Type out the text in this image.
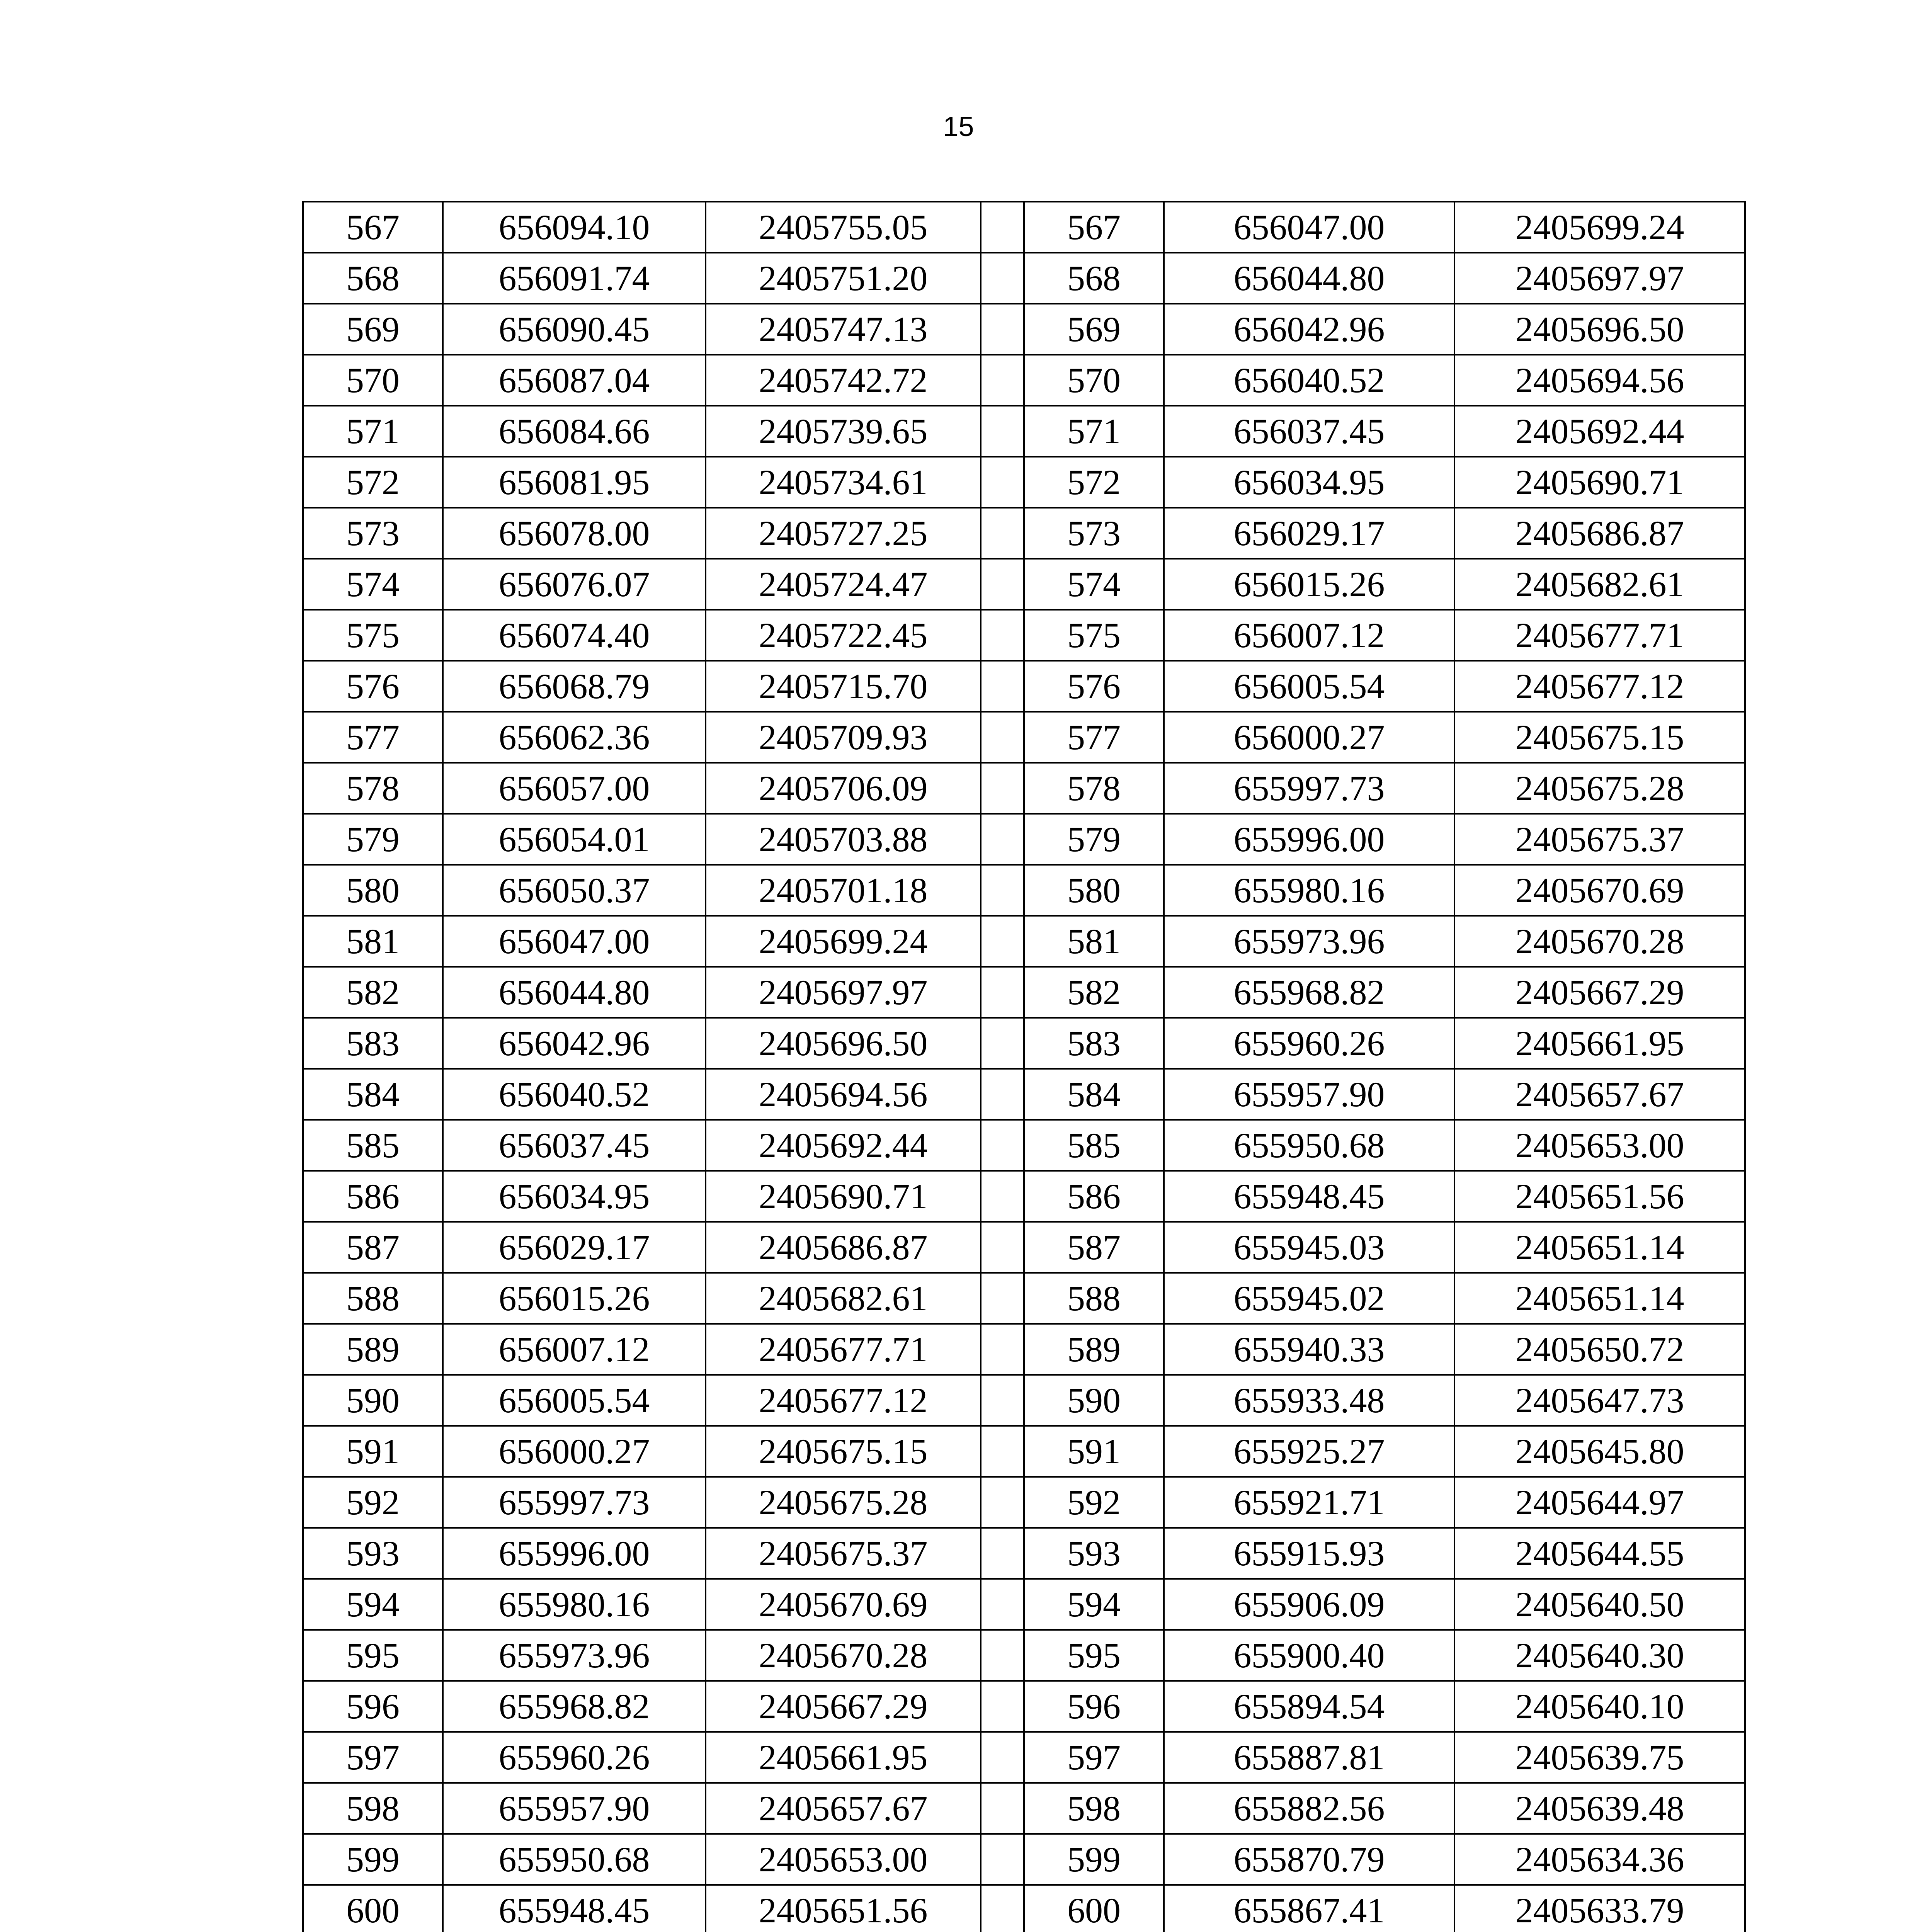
15
567	656094.10	2405755.05		567	656047.00	2405699.24
568	656091.74	2405751.20		568	656044.80	2405697.97
569	656090.45	2405747.13		569	656042.96	2405696.50
570	656087.04	2405742.72		570	656040.52	2405694.56
571	656084.66	2405739.65		571	656037.45	2405692.44
572	656081.95	2405734.61		572	656034.95	2405690.71
573	656078.00	2405727.25		573	656029.17	2405686.87
574	656076.07	2405724.47		574	656015.26	2405682.61
575	656074.40	2405722.45		575	656007.12	2405677.71
576	656068.79	2405715.70		576	656005.54	2405677.12
577	656062.36	2405709.93		577	656000.27	2405675.15
578	656057.00	2405706.09		578	655997.73	2405675.28
579	656054.01	2405703.88		579	655996.00	2405675.37
580	656050.37	2405701.18		580	655980.16	2405670.69
581	656047.00	2405699.24		581	655973.96	2405670.28
582	656044.80	2405697.97		582	655968.82	2405667.29
583	656042.96	2405696.50		583	655960.26	2405661.95
584	656040.52	2405694.56		584	655957.90	2405657.67
585	656037.45	2405692.44		585	655950.68	2405653.00
586	656034.95	2405690.71		586	655948.45	2405651.56
587	656029.17	2405686.87		587	655945.03	2405651.14
588	656015.26	2405682.61		588	655945.02	2405651.14
589	656007.12	2405677.71		589	655940.33	2405650.72
590	656005.54	2405677.12		590	655933.48	2405647.73
591	656000.27	2405675.15		591	655925.27	2405645.80
592	655997.73	2405675.28		592	655921.71	2405644.97
593	655996.00	2405675.37		593	655915.93	2405644.55
594	655980.16	2405670.69		594	655906.09	2405640.50
595	655973.96	2405670.28		595	655900.40	2405640.30
596	655968.82	2405667.29		596	655894.54	2405640.10
597	655960.26	2405661.95		597	655887.81	2405639.75
598	655957.90	2405657.67		598	655882.56	2405639.48
599	655950.68	2405653.00		599	655870.79	2405634.36
600	655948.45	2405651.56		600	655867.41	2405633.79
